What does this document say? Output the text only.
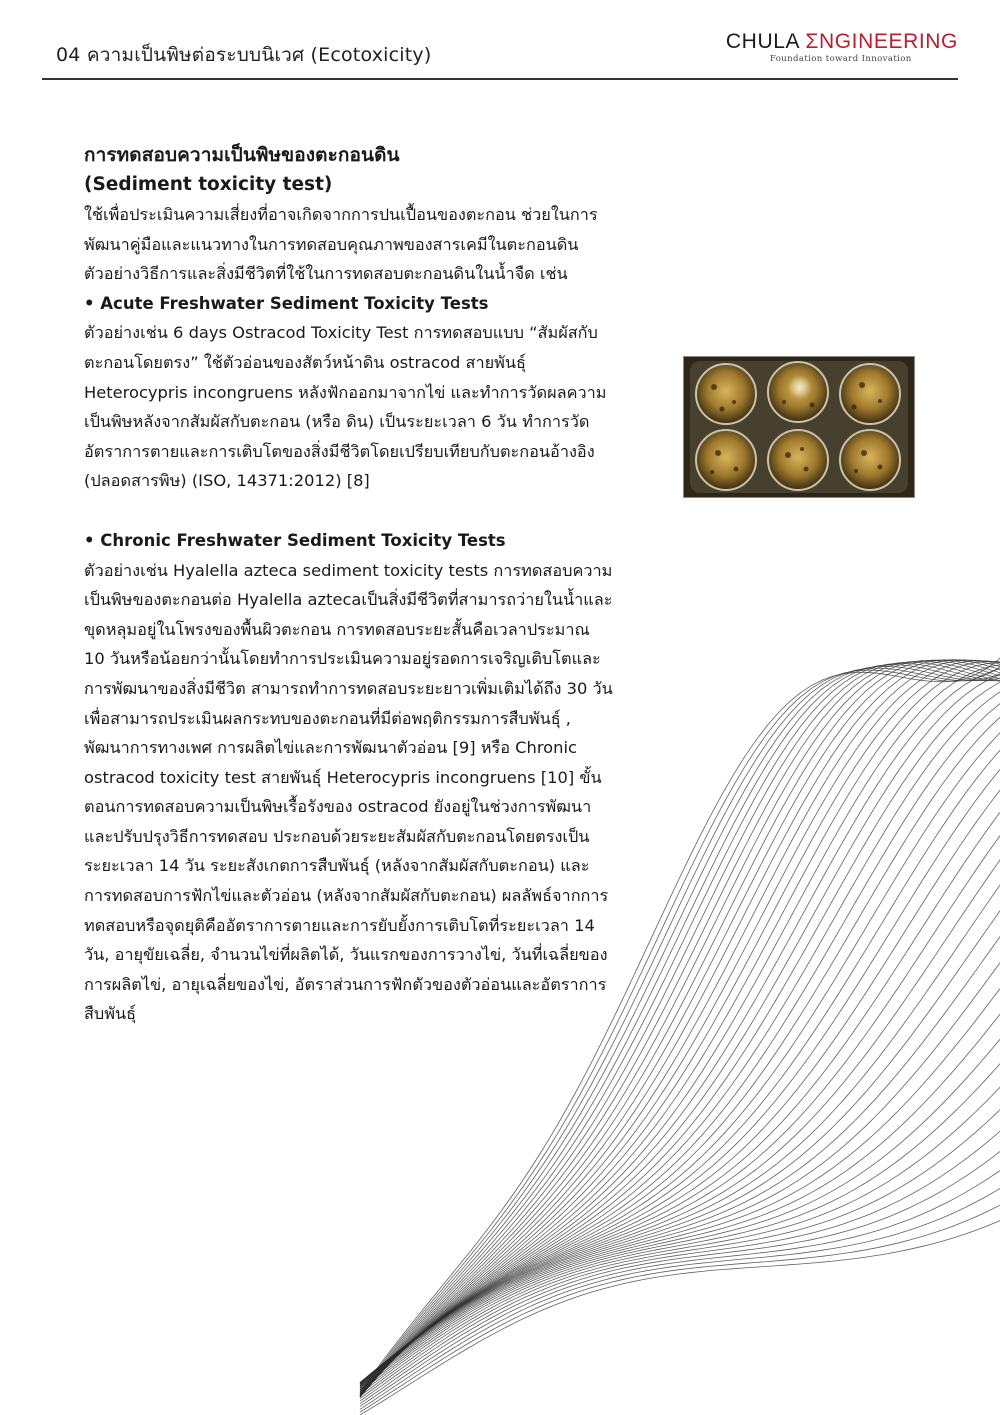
04 ความเป็นพิษต่อระบบนิเวศ (Ecotoxicity)
CHULA ΣNGINEERING
Foundation toward Innovation

การทดสอบความเป็นพิษของตะกอนดิน

(Sediment toxicity test)

ใช้เพื่อประเมินความเสี่ยงที่อาจเกิดจากการปนเปื้อนของตะกอน ช่วยในการพัฒนาคู่มือและแนวทางในการทดสอบคุณภาพของสารเคมีในตะกอนดินตัวอย่างวิธีการและสิ่งมีชีวิตที่ใช้ในการทดสอบตะกอนดินในน้ำจืด เช่น

• Acute Freshwater Sediment Toxicity Tests

ตัวอย่างเช่น 6 days Ostracod Toxicity Test การทดสอบแบบ “สัมผัสกับตะกอนโดยตรง” ใช้ตัวอ่อนของสัตว์หน้าดิน ostracod สายพันธุ์ Heterocypris incongruens หลังฟักออกมาจากไข่ และทำการวัดผลความเป็นพิษหลังจากสัมผัสกับตะกอน (หรือ ดิน) เป็นระยะเวลา 6 วัน ทำการวัดอัตราการตายและการเติบโตของสิ่งมีชีวิตโดยเปรียบเทียบกับตะกอนอ้างอิง (ปลอดสารพิษ) (ISO, 14371:2012) [8]

• Chronic Freshwater Sediment Toxicity Tests

ตัวอย่างเช่น Hyalella azteca sediment toxicity tests การทดสอบความเป็นพิษของตะกอนต่อ Hyalella aztecaเป็นสิ่งมีชีวิตที่สามารถว่ายในน้ำและขุดหลุมอยู่ในโพรงของพื้นผิวตะกอน การทดสอบระยะสั้นคือเวลาประมาณ 10 วันหรือน้อยกว่านั้นโดยทำการประเมินความอยู่รอดการเจริญเติบโตและการพัฒนาของสิ่งมีชีวิต สามารถทำการทดสอบระยะยาวเพิ่มเติมได้ถึง 30 วัน เพื่อสามารถประเมินผลกระทบของตะกอนที่มีต่อพฤติกรรมการสืบพันธุ์ , พัฒนาการทางเพศ การผลิตไข่และการพัฒนาตัวอ่อน [9] หรือ Chronic ostracod toxicity test สายพันธุ์ Heterocypris incongruens [10] ขั้นตอนการทดสอบความเป็นพิษเรื้อรังของ ostracod ยังอยู่ในช่วงการพัฒนาและปรับปรุงวิธีการทดสอบ ประกอบด้วยระยะสัมผัสกับตะกอนโดยตรงเป็นระยะเวลา 14 วัน ระยะสังเกตการสืบพันธุ์ (หลังจากสัมผัสกับตะกอน) และการทดสอบการฟักไข่และตัวอ่อน (หลังจากสัมผัสกับตะกอน) ผลลัพธ์จากการทดสอบหรือจุดยุติคืออัตราการตายและการยับยั้งการเติบโตที่ระยะเวลา 14 วัน, อายุขัยเฉลี่ย, จำนวนไข่ที่ผลิตได้, วันแรกของการวางไข่, วันที่เฉลี่ยของการผลิตไข่, อายุเฉลี่ยของไข่, อัตราส่วนการฟักตัวของตัวอ่อนและอัตราการสืบพันธุ์
